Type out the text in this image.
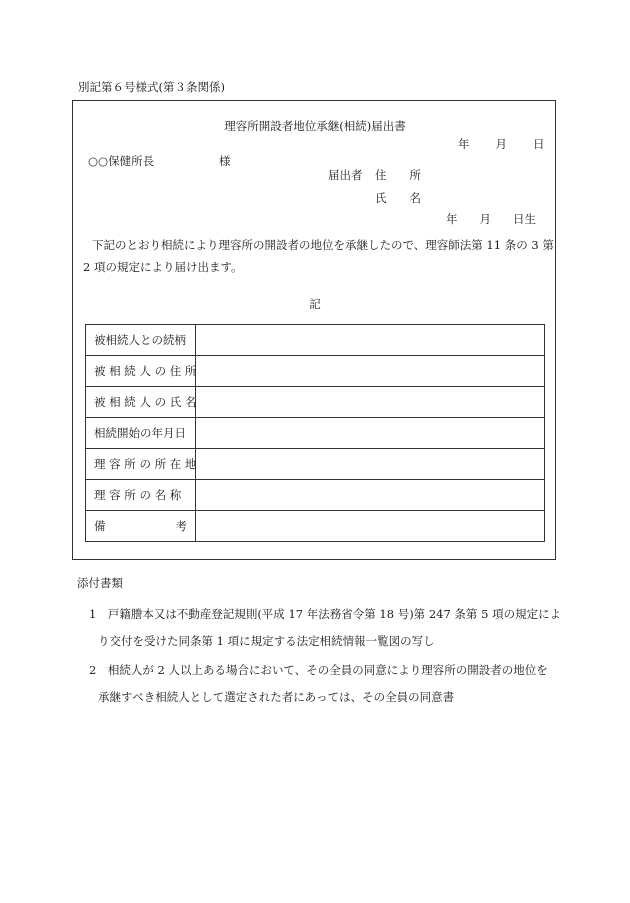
別記第６号様式(第３条関係)
理容所開設者地位承継(相続)届出書
年 月 日
○○保健所長	様
届出者 住　　所
氏　　名
年 月 日生
下記のとおり相続により理容所の開設者の地位を承継したので、理容師法第 11 条の 3 第
2 項の規定により届け出ます。
記
被相続人との続柄	
被 相 続 人 の 住 所	
被 相 続 人 の 氏 名	
相続開始の年月日	
理 容 所 の 所 在 地	
理 容 所 の 名 称	

備 考	

添付書類
1　戸籍謄本又は不動産登記規則(平成 17 年法務省令第 18 号)第 247 条第 5 項の規定によ
り交付を受けた同条第 1 項に規定する法定相続情報一覧図の写し
2　相続人が 2 人以上ある場合において、その全員の同意により理容所の開設者の地位を
承継すべき相続人として選定された者にあっては、その全員の同意書
